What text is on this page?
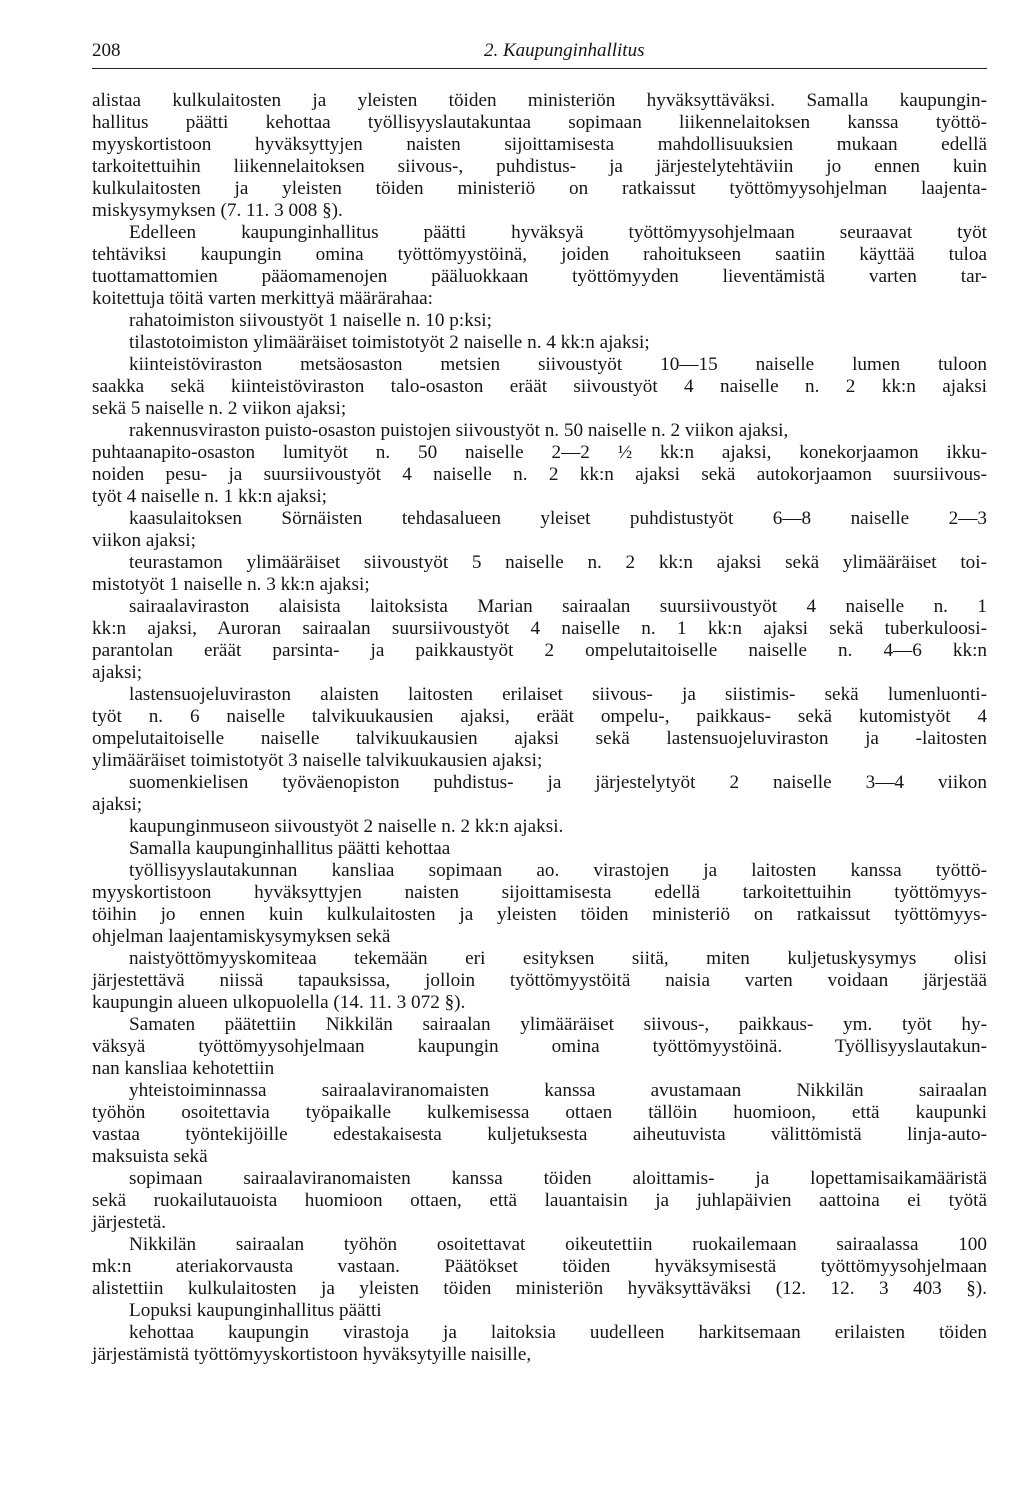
208	2. Kaupunginhallitus
alistaa kulkulaitosten ja yleisten töiden ministeriön hyväksyttäväksi. Samalla kaupungin-
hallitus päätti kehottaa työllisyyslautakuntaa sopimaan liikennelaitoksen kanssa työttö-
myyskortistoon hyväksyttyjen naisten sijoittamisesta mahdollisuuksien mukaan edellä
tarkoitettuihin liikennelaitoksen siivous-, puhdistus- ja järjestelytehtäviin jo ennen kuin
kulkulaitosten ja yleisten töiden ministeriö on ratkaissut työttömyysohjelman laajenta-
miskysymyksen (7. 11. 3 008 §).
Edelleen kaupunginhallitus päätti hyväksyä työttömyysohjelmaan seuraavat työt
tehtäviksi kaupungin omina työttömyystöinä, joiden rahoitukseen saatiin käyttää tuloa
tuottamattomien pääomamenojen pääluokkaan työttömyyden lieventämistä varten tar-
koitettuja töitä varten merkittyä määrärahaa:
rahatoimiston siivoustyöt 1 naiselle n. 10 p:ksi;
tilastotoimiston ylimääräiset toimistotyöt 2 naiselle n. 4 kk:n ajaksi;
kiinteistöviraston metsäosaston metsien siivoustyöt 10—15 naiselle lumen tuloon
saakka sekä kiinteistöviraston talo-osaston eräät siivoustyöt 4 naiselle n. 2 kk:n ajaksi
sekä 5 naiselle n. 2 viikon ajaksi;
rakennusviraston puisto-osaston puistojen siivoustyöt n. 50 naiselle n. 2 viikon ajaksi,
puhtaanapito-osaston lumityöt n. 50 naiselle 2—2 ½ kk:n ajaksi, konekorjaamon ikku-
noiden pesu- ja suursiivoustyöt 4 naiselle n. 2 kk:n ajaksi sekä autokorjaamon suursiivous-
työt 4 naiselle n. 1 kk:n ajaksi;
kaasulaitoksen Sörnäisten tehdasalueen yleiset puhdistustyöt 6—8 naiselle 2—3
viikon ajaksi;
teurastamon ylimääräiset siivoustyöt 5 naiselle n. 2 kk:n ajaksi sekä ylimääräiset toi-
mistotyöt 1 naiselle n. 3 kk:n ajaksi;
sairaalaviraston alaisista laitoksista Marian sairaalan suursiivoustyöt 4 naiselle n. 1
kk:n ajaksi, Auroran sairaalan suursiivoustyöt 4 naiselle n. 1 kk:n ajaksi sekä tuberkuloosi-
parantolan eräät parsinta- ja paikkaustyöt 2 ompelutaitoiselle naiselle n. 4—6 kk:n
ajaksi;
lastensuojeluviraston alaisten laitosten erilaiset siivous- ja siistimis- sekä lumenluonti-
työt n. 6 naiselle talvikuukausien ajaksi, eräät ompelu-, paikkaus- sekä kutomistyöt 4
ompelutaitoiselle naiselle talvikuukausien ajaksi sekä lastensuojeluviraston ja -laitosten
ylimääräiset toimistotyöt 3 naiselle talvikuukausien ajaksi;
suomenkielisen työväenopiston puhdistus- ja järjestelytyöt 2 naiselle 3—4 viikon
ajaksi;
kaupunginmuseon siivoustyöt 2 naiselle n. 2 kk:n ajaksi.
Samalla kaupunginhallitus päätti kehottaa
työllisyyslautakunnan kansliaa sopimaan ao. virastojen ja laitosten kanssa työttö-
myyskortistoon hyväksyttyjen naisten sijoittamisesta edellä tarkoitettuihin työttömyys-
töihin jo ennen kuin kulkulaitosten ja yleisten töiden ministeriö on ratkaissut työttömyys-
ohjelman laajentamiskysymyksen sekä
naistyöttömyyskomiteaa tekemään eri esityksen siitä, miten kuljetuskysymys olisi
järjestettävä niissä tapauksissa, jolloin työttömyystöitä naisia varten voidaan järjestää
kaupungin alueen ulkopuolella (14. 11. 3 072 §).
Samaten päätettiin Nikkilän sairaalan ylimääräiset siivous-, paikkaus- ym. työt hy-
väksyä työttömyysohjelmaan kaupungin omina työttömyystöinä. Työllisyyslautakun-
nan kansliaa kehotettiin
yhteistoiminnassa sairaalaviranomaisten kanssa avustamaan Nikkilän sairaalan
työhön osoitettavia työpaikalle kulkemisessa ottaen tällöin huomioon, että kaupunki
vastaa työntekijöille edestakaisesta kuljetuksesta aiheutuvista välittömistä linja-auto-
maksuista sekä
sopimaan sairaalaviranomaisten kanssa töiden aloittamis- ja lopettamisaikamääristä
sekä ruokailutauoista huomioon ottaen, että lauantaisin ja juhlapäivien aattoina ei työtä
järjestetä.
Nikkilän sairaalan työhön osoitettavat oikeutettiin ruokailemaan sairaalassa 100
mk:n ateriakorvausta vastaan. Päätökset töiden hyväksymisestä työttömyysohjelmaan
alistettiin kulkulaitosten ja yleisten töiden ministeriön hyväksyttäväksi (12. 12. 3 403 §).
Lopuksi kaupunginhallitus päätti
kehottaa kaupungin virastoja ja laitoksia uudelleen harkitsemaan erilaisten töiden
järjestämistä työttömyyskortistoon hyväksytyille naisille,
